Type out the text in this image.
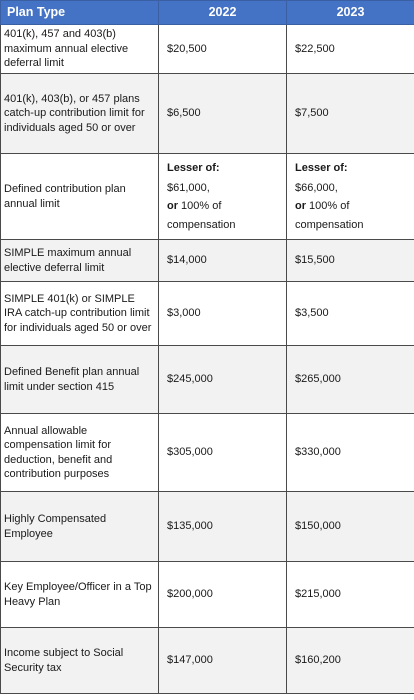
Plan Type	2022	2023
401(k), 457 and 403(b) maximum annual elective deferral limit	$20,500	$22,500
401(k), 403(b), or 457 plans catch-up contribution limit for individuals aged 50 or over	$6,500	$7,500
Defined contribution plan annual limit	Lesser of:
$61,000,
or 100% of
compensation	Lesser of:
$66,000,
or 100% of
compensation

SIMPLE maximum annual elective deferral limit	$14,000	$15,500
SIMPLE 401(k) or SIMPLE IRA catch-up contribution limit for individuals aged 50 or over	$3,000	$3,500
Defined Benefit plan annual limit under section 415	$245,000	$265,000
Annual allowable compensation limit for deduction, benefit and contribution purposes	$305,000	$330,000
Highly Compensated Employee	$135,000	$150,000
Key Employee/Officer in a Top Heavy Plan	$200,000	$215,000
Income subject to Social Security tax	$147,000	$160,200
